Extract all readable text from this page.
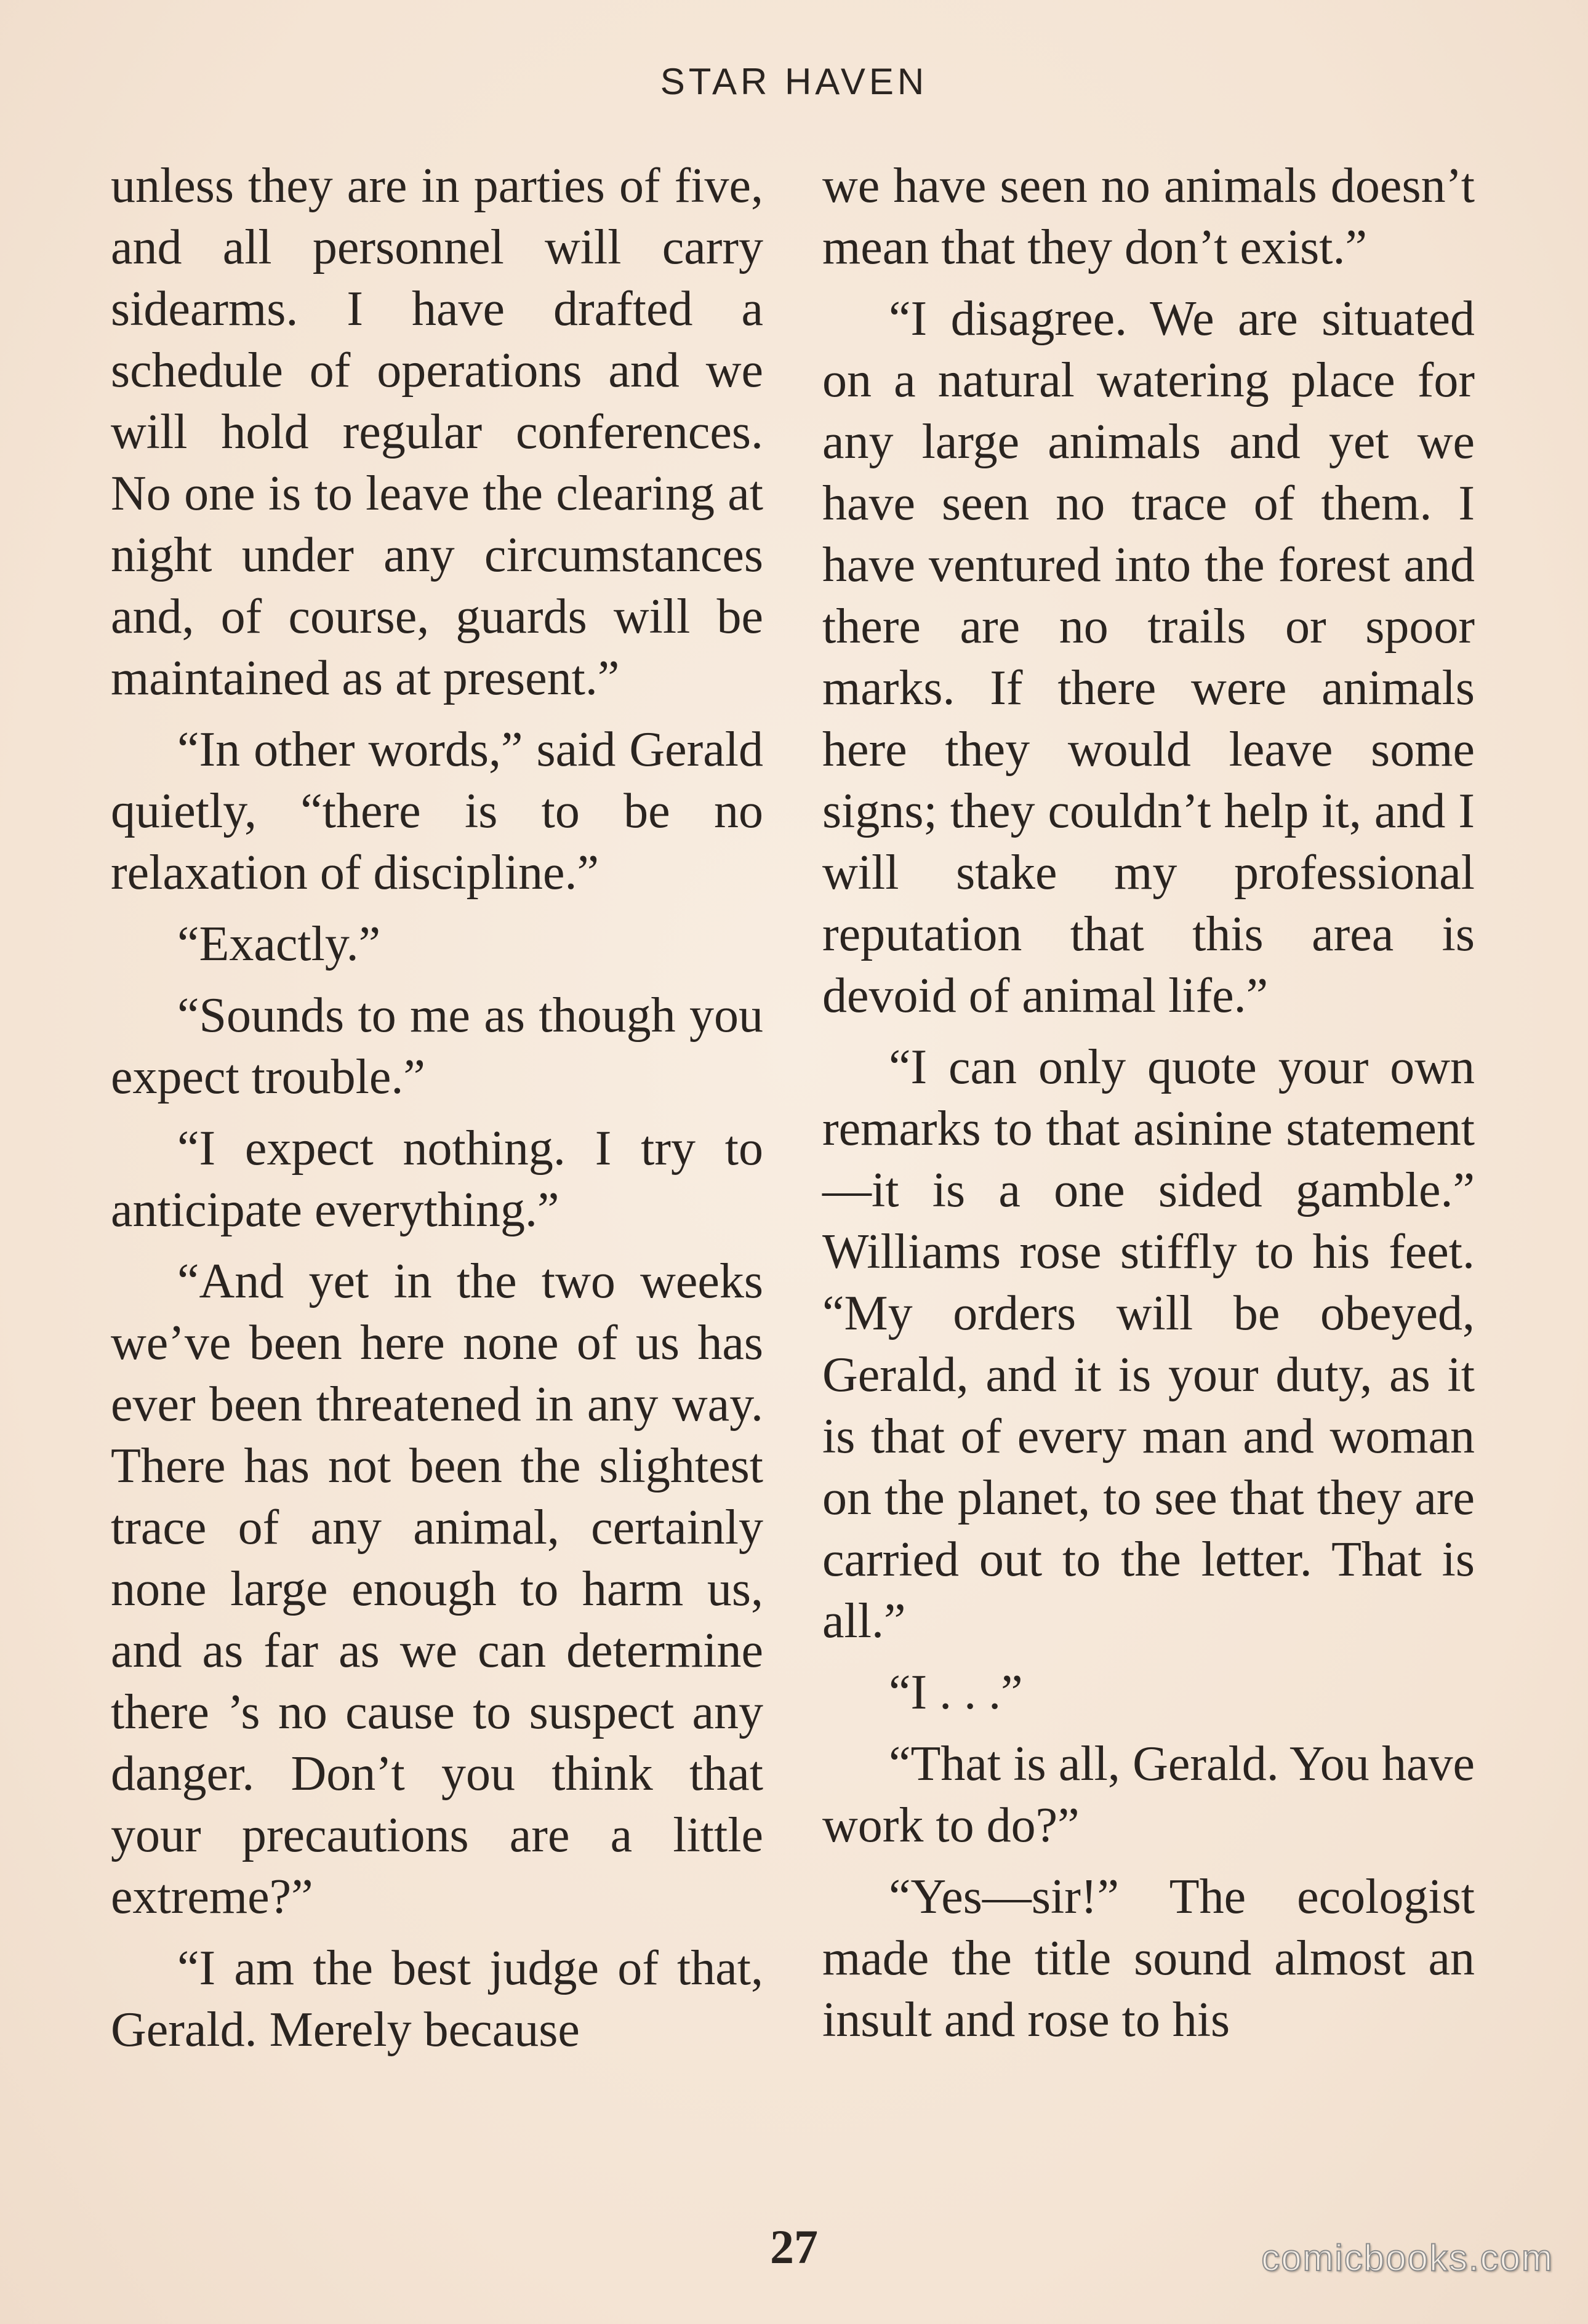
STAR HAVEN

unless they are in parties of five, and all personnel will carry sidearms. I have drafted a schedule of operations and we will hold regular conferences. No one is to leave the clearing at night under any circumstances and, of course, guards will be maintained as at present.”

“In other words,” said Gerald quietly, “there is to be no relaxation of discipline.”

“Exactly.”

“Sounds to me as though you expect trouble.”

“I expect nothing. I try to anticipate everything.”

“And yet in the two weeks we’ve been here none of us has ever been threatened in any way. There has not been the slightest trace of any animal, certainly none large enough to harm us, and as far as we can determine there ’s no cause to suspect any danger. Don’t you think that your precautions are a little extreme?”

“I am the best judge of that, Gerald. Merely because

we have seen no animals doesn’t mean that they don’t exist.”

“I disagree. We are situated on a natural watering place for any large animals and yet we have seen no trace of them. I have ventured into the forest and there are no trails or spoor marks. If there were animals here they would leave some signs; they couldn’t help it, and I will stake my professional reputation that this area is devoid of animal life.”

“I can only quote your own remarks to that asinine statement—it is a one sided gamble.” Williams rose stiffly to his feet. “My orders will be obeyed, Gerald, and it is your duty, as it is that of every man and woman on the planet, to see that they are carried out to the letter. That is all.”

“I . . .”

“That is all, Gerald. You have work to do?”

“Yes—sir!” The ecologist made the title sound almost an insult and rose to his

27	comicbooks.com
